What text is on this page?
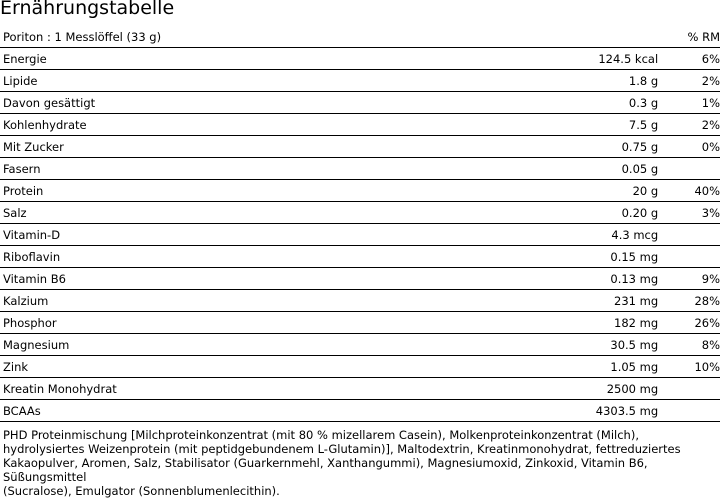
Ernährungstabelle
Poriton : 1 Messlöffel (33 g)		% RM
Energie	124.5 kcal	6%
Lipide	1.8 g	2%
Davon gesättigt	0.3 g	1%
Kohlenhydrate	7.5 g	2%
Mit Zucker	0.75 g	0%
Fasern	0.05 g	
Protein	20 g	40%
Salz	0.20 g	3%
Vitamin-D	4.3 mcg	
Riboflavin	0.15 mg	
Vitamin B6	0.13 mg	9%
Kalzium	231 mg	28%
Phosphor	182 mg	26%
Magnesium	30.5 mg	8%
Zink	1.05 mg	10%
Kreatin Monohydrat	2500 mg	
BCAAs	4303.5 mg	
PHD Proteinmischung [Milchproteinkonzentrat (mit 80 % mizellarem Casein), Molkenproteinkonzentrat (Milch),
hydrolysiertes Weizenprotein (mit peptidgebundenem L-Glutamin)], Maltodextrin, Kreatinmonohydrat, fettreduziertes
Kakaopulver, Aromen, Salz, Stabilisator (Guarkernmehl, Xanthangummi), Magnesiumoxid, Zinkoxid, Vitamin B6, Süßungsmittel
(Sucralose), Emulgator (Sonnenblumenlecithin).
